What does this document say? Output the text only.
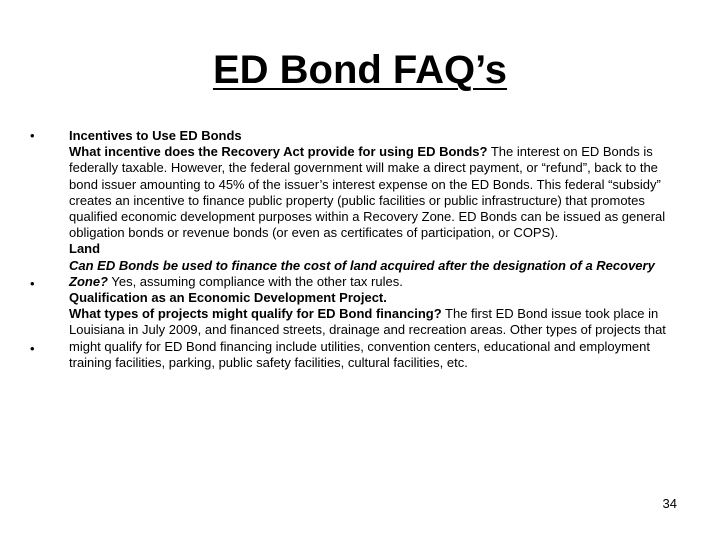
ED Bond FAQ’s
•
•
•

Incentives to Use ED Bonds

What incentive does the Recovery Act provide for using ED Bonds? The interest on ED Bonds is federally taxable. However, the federal government will make a direct payment, or “refund”, back to the bond issuer amounting to 45% of the issuer’s interest expense on the ED Bonds. This federal “subsidy” creates an incentive to finance public property (public facilities or public infrastructure) that promotes qualified economic development purposes within a Recovery Zone. ED Bonds can be issued as general obligation bonds or revenue bonds (or even as certificates of participation, or COPS).

Land

Can ED Bonds be used to finance the cost of land acquired after the designation of a Recovery Zone? Yes, assuming compliance with the other tax rules.

Qualification as an Economic Development Project.

What types of projects might qualify for ED Bond financing? The first ED Bond issue took place in Louisiana in July 2009, and financed streets, drainage and recreation areas. Other types of projects that might qualify for ED Bond financing include utilities, convention centers, educational and employment training facilities, parking, public safety facilities, cultural facilities, etc.

34
